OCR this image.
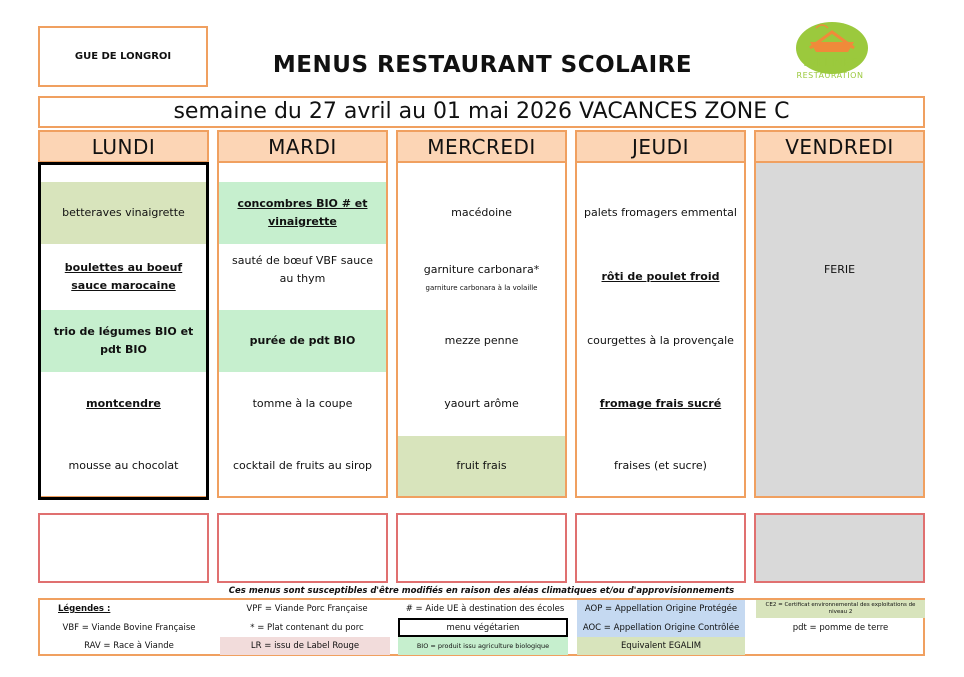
GUE DE LONGROI	MENUS RESTAURANT SCOLAIRE	YVELINES
RESTAURATION
semaine du 27 avril au 01 mai 2026 VACANCES ZONE C
LUNDI
betteraves vinaigrette
boulettes au boeuf sauce marocaine
trio de légumes BIO et pdt BIO
montcendre
mousse au chocolat
MARDI
concombres BIO # et vinaigrette
sauté de bœuf VBF sauce au thym
purée de pdt BIO
tomme à la coupe
cocktail de fruits au sirop
MERCREDI
macédoine
garniture carbonara*
garniture carbonara à la volaille
mezze penne
yaourt arôme
fruit frais
JEUDI
palets fromagers emmental
rôti de poulet froid
courgettes à la provençale
fromage frais sucré
fraises (et sucre)
VENDREDI
FERIE
Ces menus sont susceptibles d'être modifiés en raison des aléas climatiques et/ou d'approvisionnements
Légendes :	VPF = Viande Porc Française	# = Aide UE à destination des écoles	AOP = Appellation Origine Protégée	CE2 = Certificat environnemental des exploitations de niveau 2
VBF = Viande Bovine Française	* = Plat contenant du porc	menu végétarien	AOC = Appellation Origine Contrôlée	pdt = pomme de terre
RAV = Race à Viande	LR = issu de Label Rouge	BIO = produit issu agriculture biologique	Equivalent EGALIM
